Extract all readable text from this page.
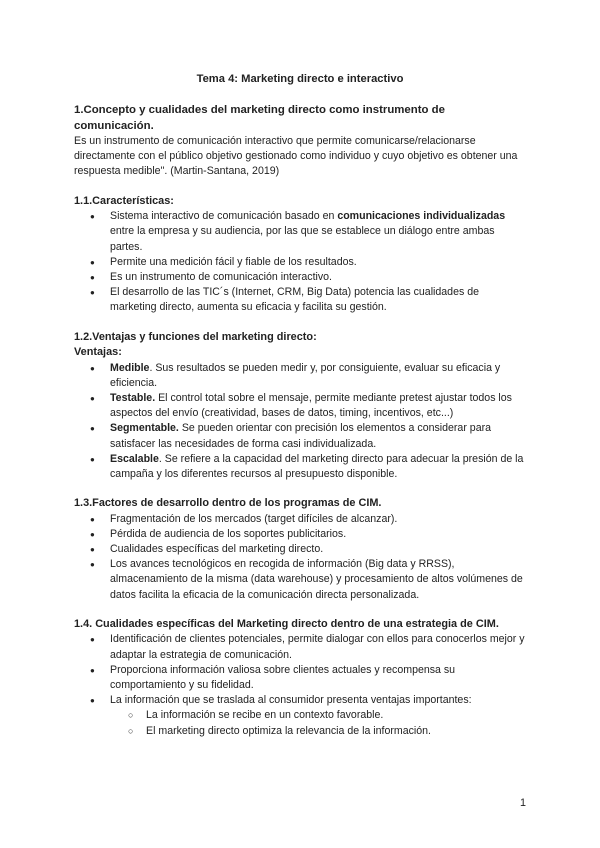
Tema 4: Marketing directo e interactivo
1.Concepto y cualidades del marketing directo como instrumento de comunicación.

Es un instrumento de comunicación interactivo que permite comunicarse/relacionarse directamente con el público objetivo gestionado como individuo y cuyo objetivo es obtener una respuesta medible". (Martin-Santana, 2019)

1.1.Características:
● Sistema interactivo de comunicación basado en comunicaciones individualizadas entre la empresa y su audiencia, por las que se establece un diálogo entre ambas partes.
● Permite una medición fácil y fiable de los resultados.
● Es un instrumento de comunicación interactivo.
● El desarrollo de las TIC´s (Internet, CRM, Big Data) potencia las cualidades de marketing directo, aumenta su eficacia y facilita su gestión.
1.2.Ventajas y funciones del marketing directo:
Ventajas:
● Medible. Sus resultados se pueden medir y, por consiguiente, evaluar su eficacia y eficiencia.
● Testable. El control total sobre el mensaje, permite mediante pretest ajustar todos los aspectos del envío (creatividad, bases de datos, timing, incentivos, etc...)
● Segmentable. Se pueden orientar con precisión los elementos a considerar para satisfacer las necesidades de forma casi individualizada.
● Escalable. Se refiere a la capacidad del marketing directo para adecuar la presión de la campaña y los diferentes recursos al presupuesto disponible.
1.3.Factores de desarrollo dentro de los programas de CIM.
● Fragmentación de los mercados (target difíciles de alcanzar).
● Pérdida de audiencia de los soportes publicitarios.
● Cualidades específicas del marketing directo.
● Los avances tecnológicos en recogida de información (Big data y RRSS), almacenamiento de la misma (data warehouse) y procesamiento de altos volúmenes de datos facilita la eficacia de la comunicación directa personalizada.
1.4. Cualidades específicas del Marketing directo dentro de una estrategia de CIM.
● Identificación de clientes potenciales, permite dialogar con ellos para conocerlos mejor y adaptar la estrategia de comunicación.
● Proporciona información valiosa sobre clientes actuales y recompensa su comportamiento y su fidelidad.
● La información que se traslada al consumidor presenta ventajas importantes:
○ La información se recibe en un contexto favorable.
○ El marketing directo optimiza la relevancia de la información.
1
